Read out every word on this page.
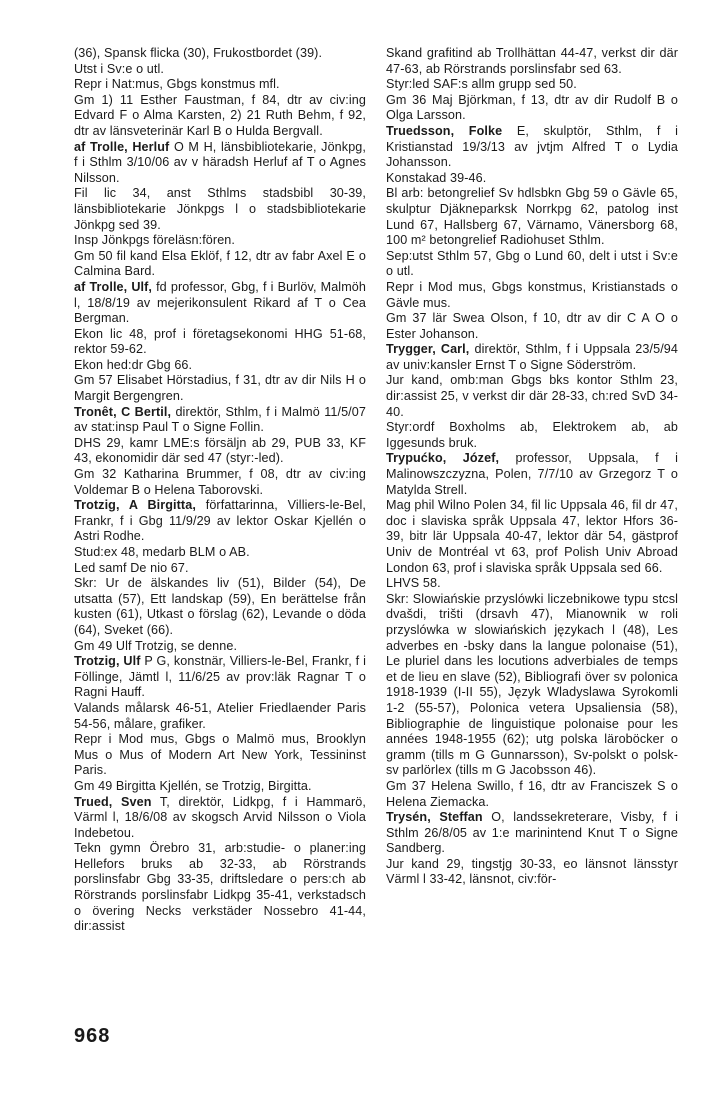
(36), Spansk flicka (30), Frukostbordet (39).

Utst i Sv:e o utl.

Repr i Nat:mus, Gbgs konstmus mfl.

Gm 1) 11 Esther Faustman, f 84, dtr av civ:ing Edvard F o Alma Karsten, 2) 21 Ruth Behm, f 92, dtr av länsveterinär Karl B o Hulda Bergvall.

af Trolle, Herluf O M H, länsbibliotekarie, Jönkpg, f i Sthlm 3/10/06 av v häradsh Herluf af T o Agnes Nilsson.

Fil lic 34, anst Sthlms stadsbibl 30-39, länsbibliotekarie Jönkpgs l o stadsbibliotekarie Jönkpg sed 39.

Insp Jönkpgs föreläsn:fören.

Gm 50 fil kand Elsa Eklöf, f 12, dtr av fabr Axel E o Calmina Bard.

af Trolle, Ulf, fd professor, Gbg, f i Burlöv, Malmöh l, 18/8/19 av mejerikonsulent Rikard af T o Cea Bergman.

Ekon lic 48, prof i företagsekonomi HHG 51-68, rektor 59-62.

Ekon hed:dr Gbg 66.

Gm 57 Elisabet Hörstadius, f 31, dtr av dir Nils H o Margit Bergengren.

Tronêt, C Bertil, direktör, Sthlm, f i Malmö 11/5/07 av stat:insp Paul T o Signe Follin.

DHS 29, kamr LME:s försäljn ab 29, PUB 33, KF 43, ekonomidir där sed 47 (styr:-led).

Gm 32 Katharina Brummer, f 08, dtr av civ:ing Voldemar B o Helena Taborovski.

Trotzig, A Birgitta, författarinna, Villiers-le-Bel, Frankr, f i Gbg 11/9/29 av lektor Oskar Kjellén o Astri Rodhe.

Stud:ex 48, medarb BLM o AB.

Led samf De nio 67.

Skr: Ur de älskandes liv (51), Bilder (54), De utsatta (57), Ett landskap (59), En berättelse från kusten (61), Utkast o förslag (62), Levande o döda (64), Sveket (66).

Gm 49 Ulf Trotzig, se denne.

Trotzig, Ulf P G, konstnär, Villiers-le-Bel, Frankr, f i Föllinge, Jämtl l, 11/6/25 av prov:läk Ragnar T o Ragni Hauff.

Valands målarsk 46-51, Atelier Friedlaender Paris 54-56, målare, grafiker.

Repr i Mod mus, Gbgs o Malmö mus, Brooklyn Mus o Mus of Modern Art New York, Tessininst Paris.

Gm 49 Birgitta Kjellén, se Trotzig, Birgitta.

Trued, Sven T, direktör, Lidkpg, f i Hammarö, Värml l, 18/6/08 av skogsch Arvid Nilsson o Viola Indebetou.

Tekn gymn Örebro 31, arb:studie- o planer:ing Hellefors bruks ab 32-33, ab Rörstrands porslinsfabr Gbg 33-35, driftsledare o pers:ch ab Rörstrands porslinsfabr Lidkpg 35-41, verkstadsch o övering Necks verkstäder Nossebro 41-44, dir:assist

Skand grafitind ab Trollhättan 44-47, verkst dir där 47-63, ab Rörstrands porslinsfabr sed 63.

Styr:led SAF:s allm grupp sed 50.

Gm 36 Maj Björkman, f 13, dtr av dir Rudolf B o Olga Larsson.

Truedsson, Folke E, skulptör, Sthlm, f i Kristianstad 19/3/13 av jvtjm Alfred T o Lydia Johansson.

Konstakad 39-46.

Bl arb: betongrelief Sv hdlsbkn Gbg 59 o Gävle 65, skulptur Djäkneparksk Norrkpg 62, patolog inst Lund 67, Hallsberg 67, Värnamo, Vänersborg 68, 100 m² betongrelief Radiohuset Sthlm.

Sep:utst Sthlm 57, Gbg o Lund 60, delt i utst i Sv:e o utl.

Repr i Mod mus, Gbgs konstmus, Kristianstads o Gävle mus.

Gm 37 lär Swea Olson, f 10, dtr av dir C A O o Ester Johanson.

Trygger, Carl, direktör, Sthlm, f i Uppsala 23/5/94 av univ:kansler Ernst T o Signe Söderström.

Jur kand, omb:man Gbgs bks kontor Sthlm 23, dir:assist 25, v verkst dir där 28-33, ch:red SvD 34-40.

Styr:ordf Boxholms ab, Elektrokem ab, ab Iggesunds bruk.

Trypućko, Józef, professor, Uppsala, f i Malinowszczyzna, Polen, 7/7/10 av Grzegorz T o Matylda Strell.

Mag phil Wilno Polen 34, fil lic Uppsala 46, fil dr 47, doc i slaviska språk Uppsala 47, lektor Hfors 36-39, bitr lär Uppsala 40-47, lektor där 54, gästprof Univ de Montréal vt 63, prof Polish Univ Abroad London 63, prof i slaviska språk Uppsala sed 66.

LHVS 58.

Skr: Slowiańskie przyslówki liczebnikowe typu stcsl dvašdi, trišti (drsavh 47), Mianownik w roli przyslówka w slowiańskich językach l (48), Les adverbes en -bsky dans la langue polonaise (51), Le pluriel dans les locutions adverbiales de temps et de lieu en slave (52), Bibliografi över sv polonica 1918-1939 (I-II 55), Język Wladyslawa Syrokomli 1-2 (55-57), Polonica vetera Upsaliensia (58), Bibliographie de linguistique polonaise pour les années 1948-1955 (62); utg polska läroböcker o gramm (tills m G Gunnarsson), Sv-polskt o polsk-sv parlörlex (tills m G Jacobsson 46).

Gm 37 Helena Swillo, f 16, dtr av Franciszek S o Helena Ziemacka.

Trysén, Steffan O, landssekreterare, Visby, f i Sthlm 26/8/05 av 1:e marinintend Knut T o Signe Sandberg.

Jur kand 29, tingstjg 30-33, eo länsnot länsstyr Värml l 33-42, länsnot, civ:för-

968
